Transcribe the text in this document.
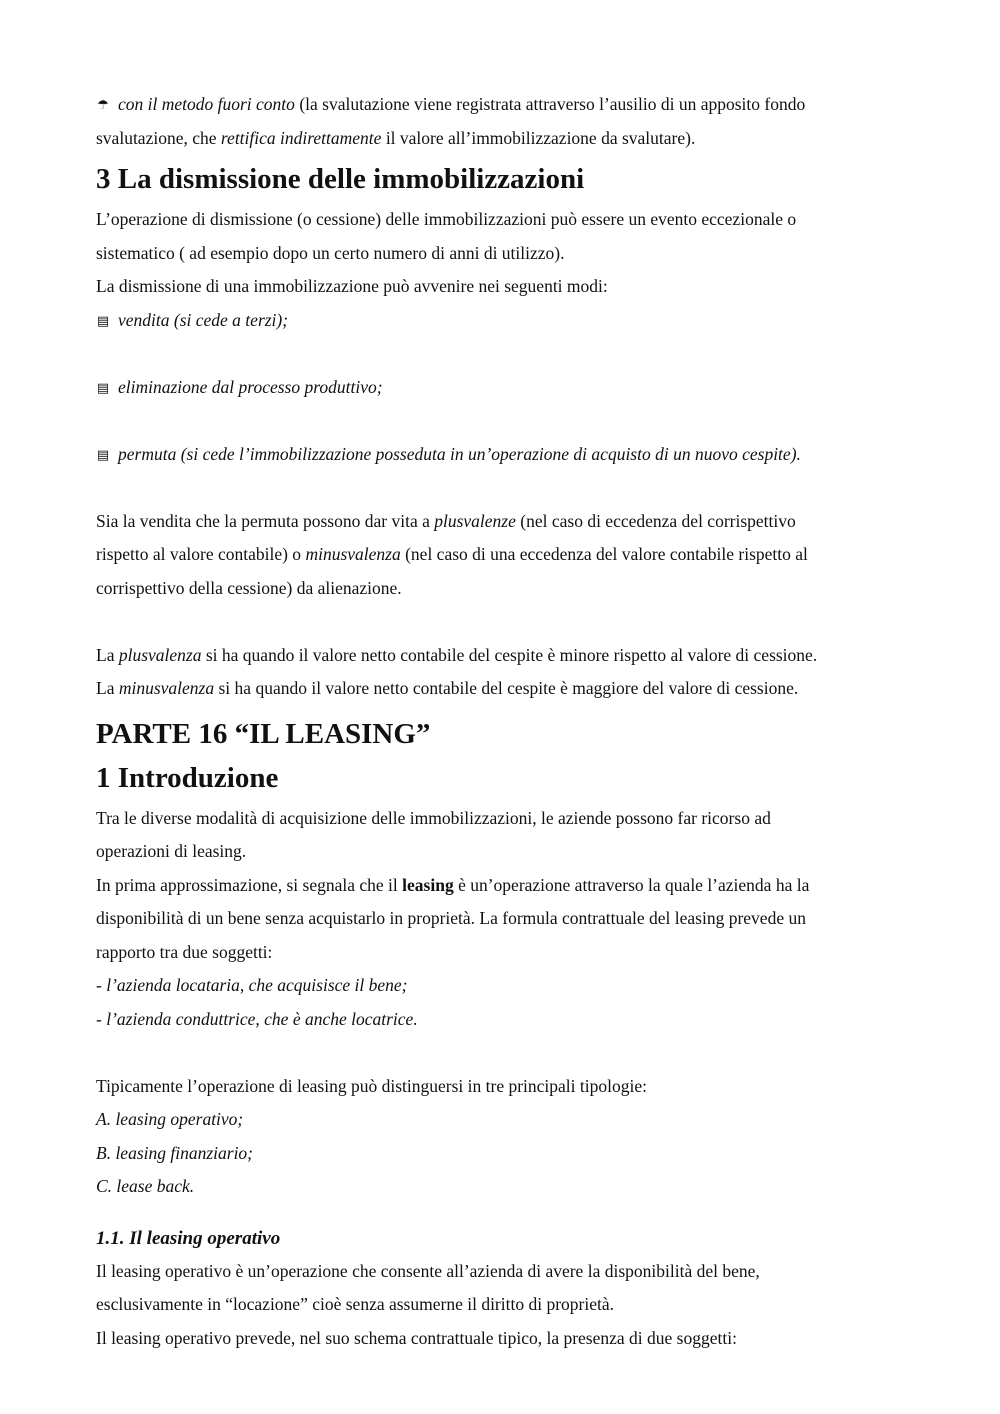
☂ con il metodo fuori conto (la svalutazione viene registrata attraverso l’ausilio di un apposito fondo

svalutazione, che rettifica indirettamente il valore all’immobilizzazione da svalutare).

3 La dismissione delle immobilizzazioni

L’operazione di dismissione (o cessione) delle immobilizzazioni può essere un evento eccezionale o

sistematico ( ad esempio dopo un certo numero di anni di utilizzo).

La dismissione di una immobilizzazione può avvenire nei seguenti modi:

▤ vendita (si cede a terzi);

▤ eliminazione dal processo produttivo;

▤ permuta (si cede l’immobilizzazione posseduta in un’operazione di acquisto di un nuovo cespite).

Sia la vendita che la permuta possono dar vita a plusvalenze (nel caso di eccedenza del corrispettivo

rispetto al valore contabile) o minusvalenza (nel caso di una eccedenza del valore contabile rispetto al

corrispettivo della cessione) da alienazione.

La plusvalenza si ha quando il valore netto contabile del cespite è minore rispetto al valore di cessione.

La minusvalenza si ha quando il valore netto contabile del cespite è maggiore del valore di cessione.

PARTE 16 “IL LEASING”
1 Introduzione

Tra le diverse modalità di acquisizione delle immobilizzazioni, le aziende possono far ricorso ad

operazioni di leasing.

In prima approssimazione, si segnala che il leasing è un’operazione attraverso la quale l’azienda ha la

disponibilità di un bene senza acquistarlo in proprietà. La formula contrattuale del leasing prevede un

rapporto tra due soggetti:

- l’azienda locataria, che acquisisce il bene;

- l’azienda conduttrice, che è anche locatrice.

Tipicamente l’operazione di leasing può distinguersi in tre principali tipologie:

A. leasing operativo;

B. leasing finanziario;

C. lease back.

1.1. Il leasing operativo

Il leasing operativo è un’operazione che consente all’azienda di avere la disponibilità del bene,

esclusivamente in “locazione” cioè senza assumerne il diritto di proprietà.

Il leasing operativo prevede, nel suo schema contrattuale tipico, la presenza di due soggetti:
